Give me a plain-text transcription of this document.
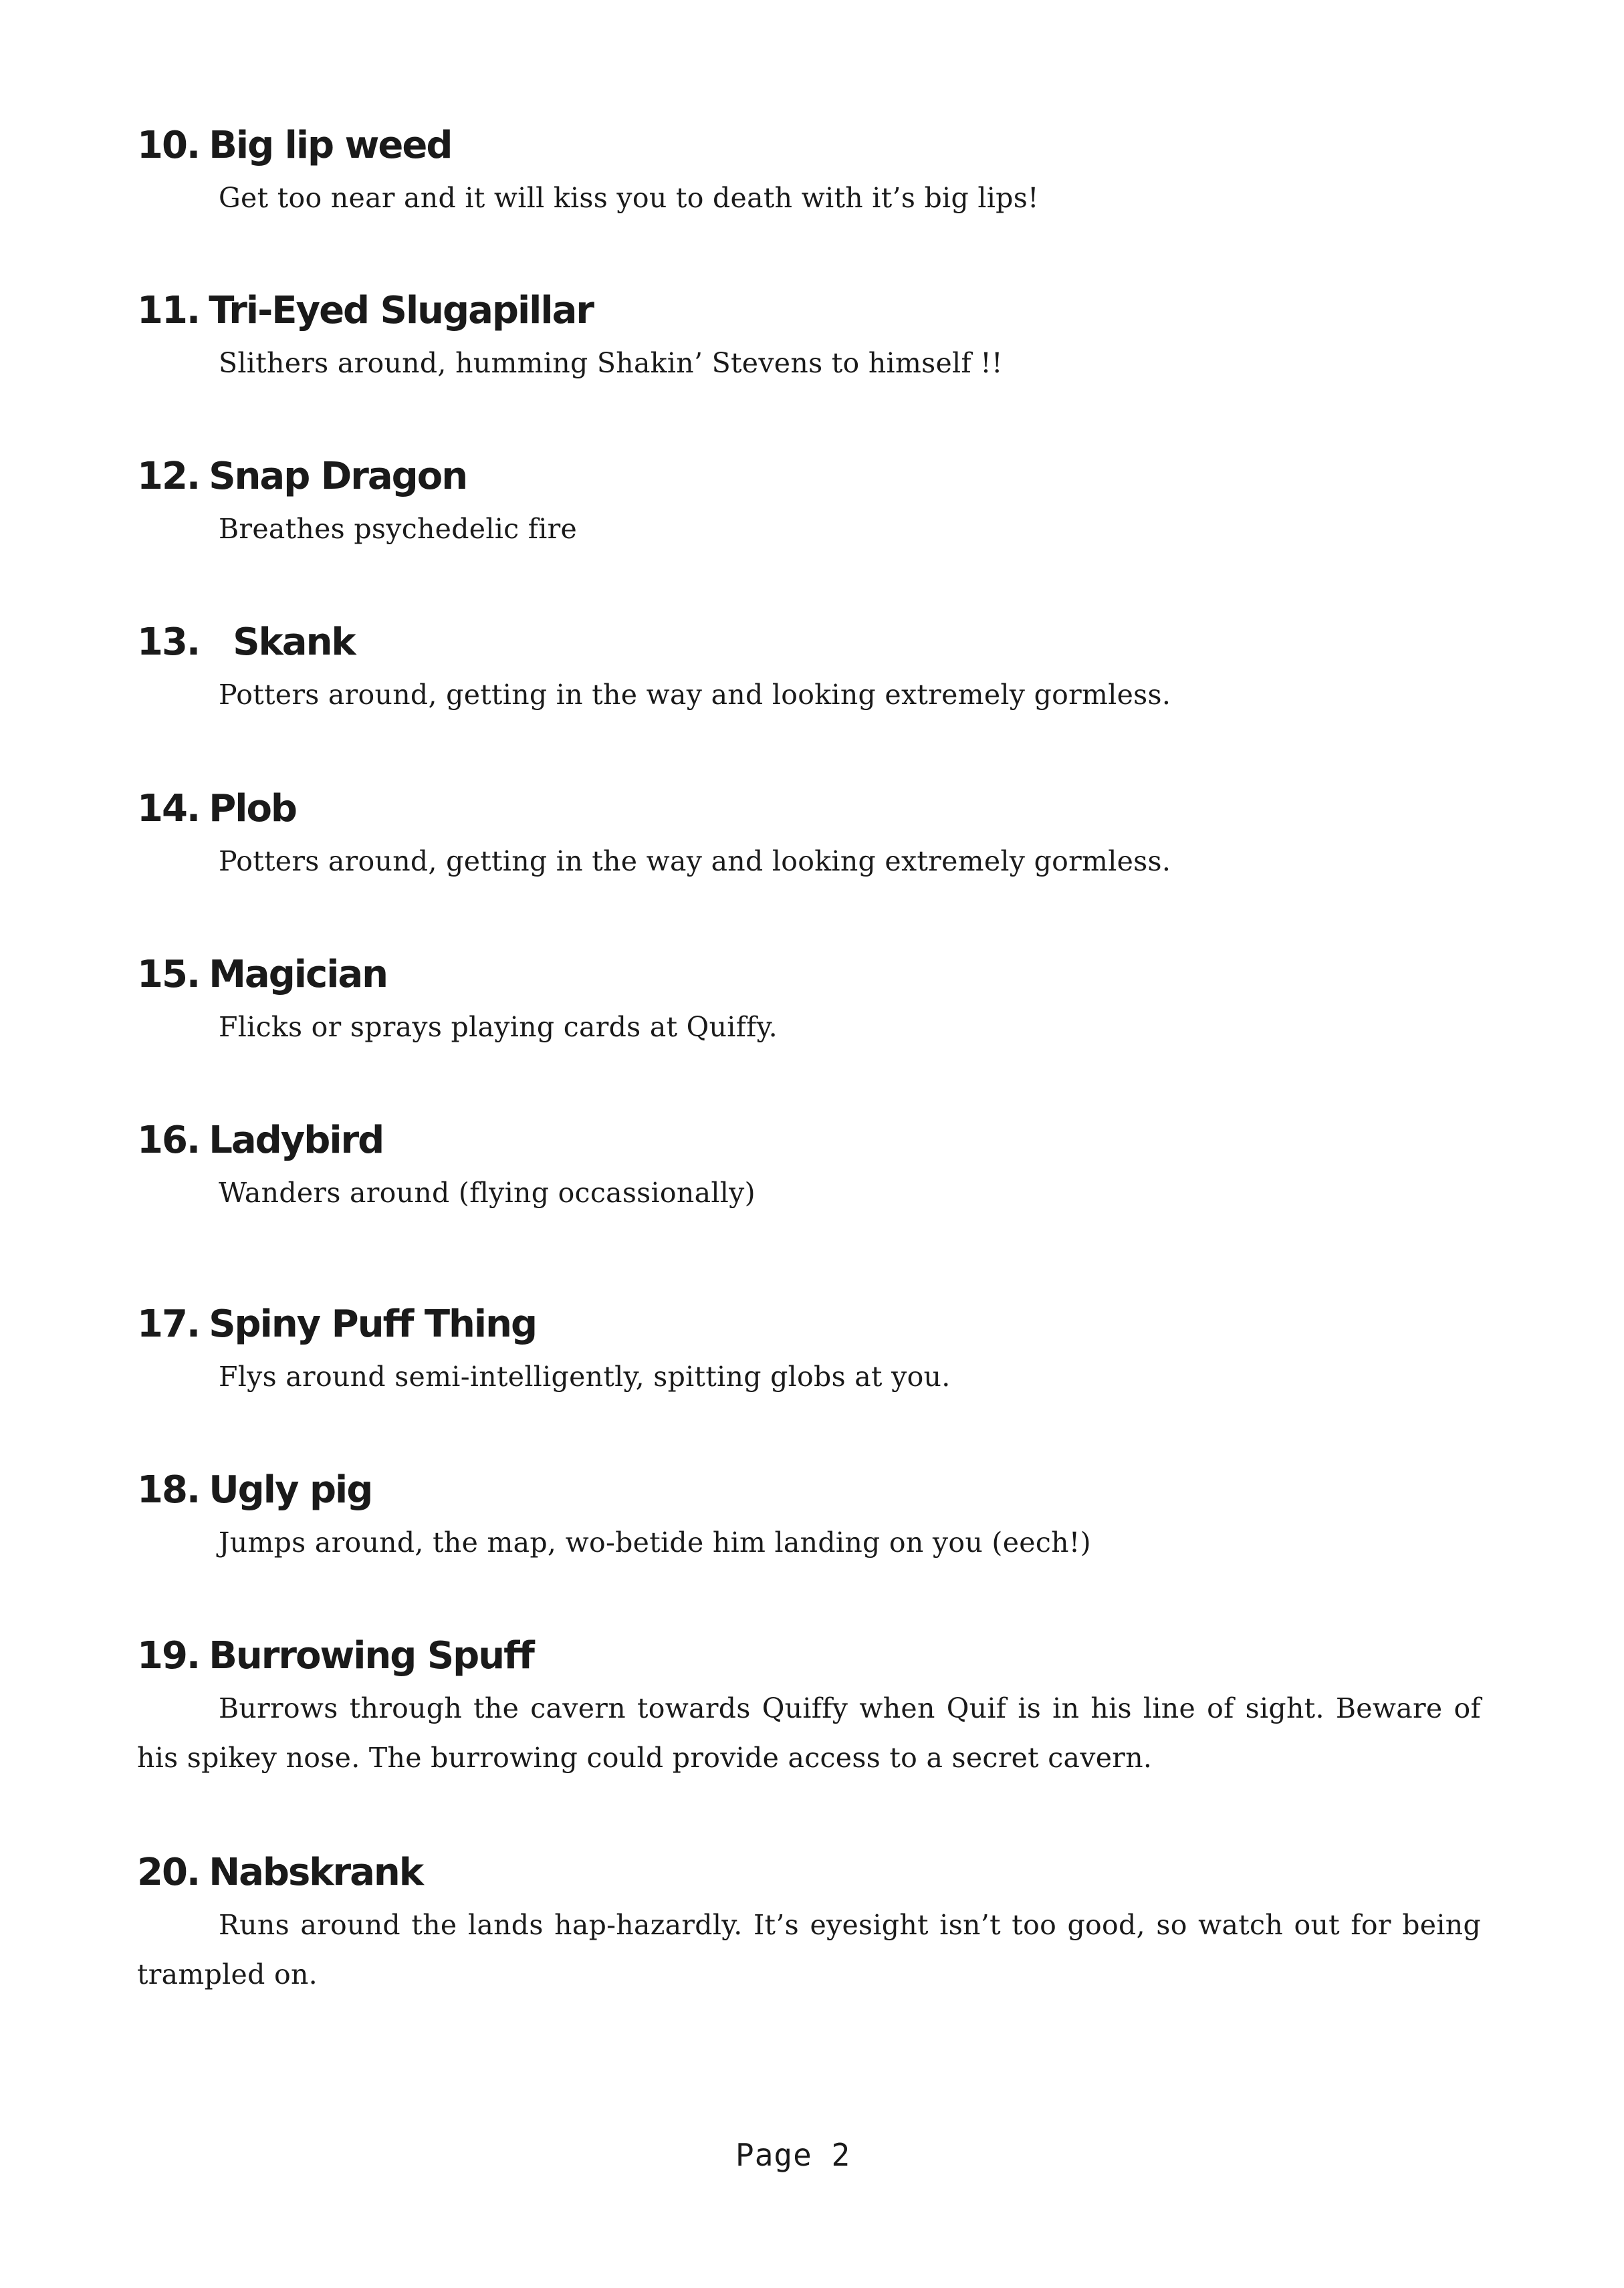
10. Big lip weed

Get too near and it will kiss you to death with it’s big lips!

11. Tri-Eyed Slugapillar

Slithers around, humming Shakin’ Stevens to himself !!

12. Snap Dragon

Breathes psychedelic fire

13. Skank

Potters around, getting in the way and looking extremely gormless.

14. Plob

Potters around, getting in the way and looking extremely gormless.

15. Magician

Flicks or sprays playing cards at Quiffy.

16. Ladybird

Wanders around (flying occassionally)

17. Spiny Puff Thing

Flys around semi-intelligently, spitting globs at you.

18. Ugly pig

Jumps around, the map, wo-betide him landing on you (eech!)

19. Burrowing Spuff

Burrows through the cavern towards Quiffy when Quif is in his line of sight. Beware of his spikey nose. The burrowing could provide access to a secret cavern.

20. Nabskrank

Runs around the lands hap-hazardly. It’s eyesight isn’t too good, so watch out for being trampled on.

Page 2
